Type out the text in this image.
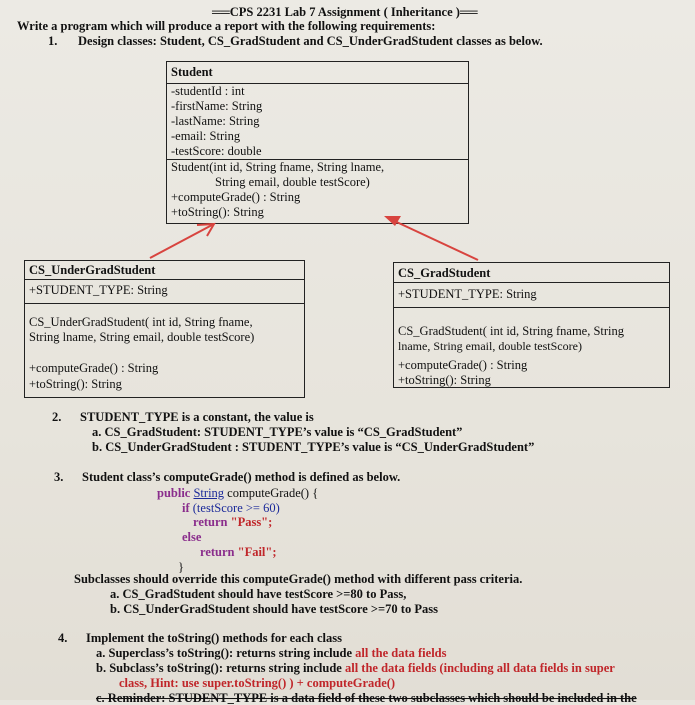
══CPS 2231 Lab 7 Assignment ( Inheritance )══
Write a program which will produce a report with the following requirements:
1. Design classes: Student, CS_GradStudent and CS_UnderGradStudent classes as below.
Student
-studentId : int
-firstName: String
-lastName: String
-email: String
-testScore: double
Student(int id, String fname, String lname,
String email, double testScore)
+computeGrade() : String
+toString(): String
CS_UnderGradStudent
+STUDENT_TYPE: String
CS_UnderGradStudent( int id, String fname,
String lname, String email, double testScore)
+computeGrade() : String
+toString(): String
CS_GradStudent
+STUDENT_TYPE: String
CS_GradStudent( int id, String fname, String
lname, String email, double testScore)
+computeGrade() : String
+toString(): String
2. STUDENT_TYPE is a constant, the value is
a. CS_GradStudent: STUDENT_TYPE’s value is “CS_GradStudent”
b. CS_UnderGradStudent : STUDENT_TYPE’s value is “CS_UnderGradStudent”
3. Student class’s computeGrade() method is defined as below.
public String computeGrade() {
if (testScore >= 60)
return "Pass";
else
return "Fail";
}
Subclasses should override this computeGrade() method with different pass criteria.
a. CS_GradStudent should have testScore >=80 to Pass,
b. CS_UnderGradStudent should have testScore >=70 to Pass
4. Implement the toString() methods for each class
a. Superclass’s toString(): returns string include all the data fields
b. Subclass’s toString(): returns string include all the data fields (including all data fields in super
class, Hint: use super.toString() ) + computeGrade()
c. Reminder: STUDENT_TYPE is a data field of these two subclasses which should be included in the
